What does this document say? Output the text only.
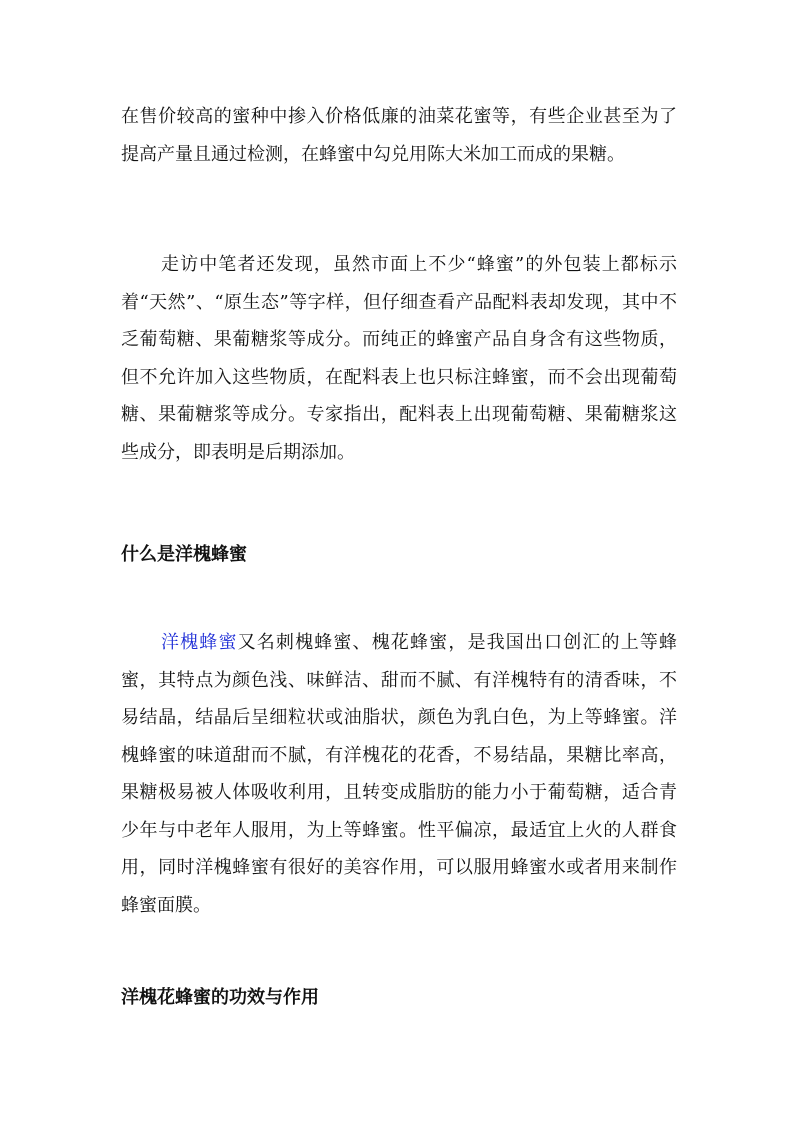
在售价较高的蜜种中掺入价格低廉的油菜花蜜等，有些企业甚至为了提高产量且通过检测，在蜂蜜中勾兑用陈大米加工而成的果糖。

走访中笔者还发现，虽然市面上不少“蜂蜜”的外包装上都标示着“天然”、“原生态”等字样，但仔细查看产品配料表却发现，其中不乏葡萄糖、果葡糖浆等成分。而纯正的蜂蜜产品自身含有这些物质，但不允许加入这些物质，在配料表上也只标注蜂蜜，而不会出现葡萄糖、果葡糖浆等成分。专家指出，配料表上出现葡萄糖、果葡糖浆这些成分，即表明是后期添加。

什么是洋槐蜂蜜

洋槐蜂蜜又名刺槐蜂蜜、槐花蜂蜜，是我国出口创汇的上等蜂蜜，其特点为颜色浅、味鲜洁、甜而不腻、有洋槐特有的清香味，不易结晶，结晶后呈细粒状或油脂状，颜色为乳白色，为上等蜂蜜。洋槐蜂蜜的味道甜而不腻，有洋槐花的花香，不易结晶，果糖比率高，果糖极易被人体吸收利用，且转变成脂肪的能力小于葡萄糖，适合青少年与中老年人服用，为上等蜂蜜。性平偏凉，最适宜上火的人群食用，同时洋槐蜂蜜有很好的美容作用，可以服用蜂蜜水或者用来制作蜂蜜面膜。

洋槐花蜂蜜的功效与作用
